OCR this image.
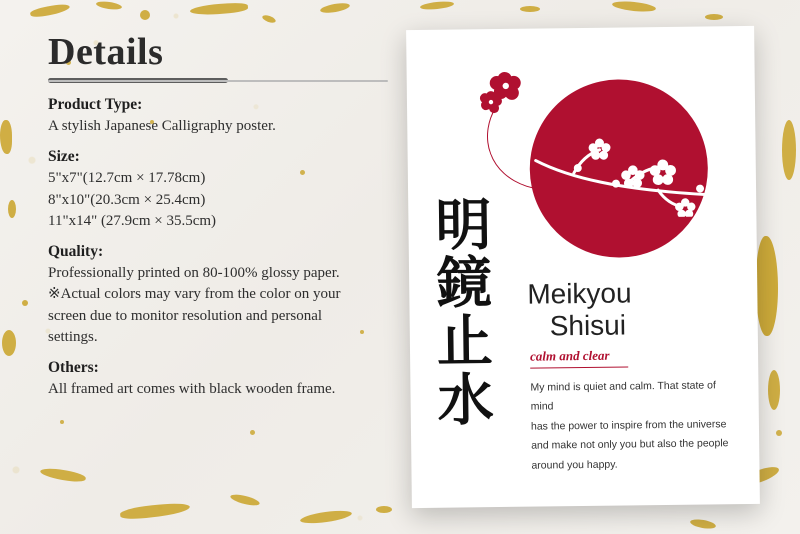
Details
Product Type:
A stylish Japanese Calligraphy poster.
Size:
5"x7"(12.7cm × 17.78cm)
8"x10"(20.3cm × 25.4cm)
11"x14" (27.9cm × 35.5cm)
Quality:
Professionally printed on 80-100% glossy paper.
※Actual colors may vary from the color on your
screen due to monitor resolution and personal
settings.
Others:
All framed art comes with black wooden frame.
明鏡止水
Meikyou
Shisui
calm and clear
My mind is quiet and calm. That state of mind
has the power to inspire from the universe
and make not only you but also the people
around you happy.
